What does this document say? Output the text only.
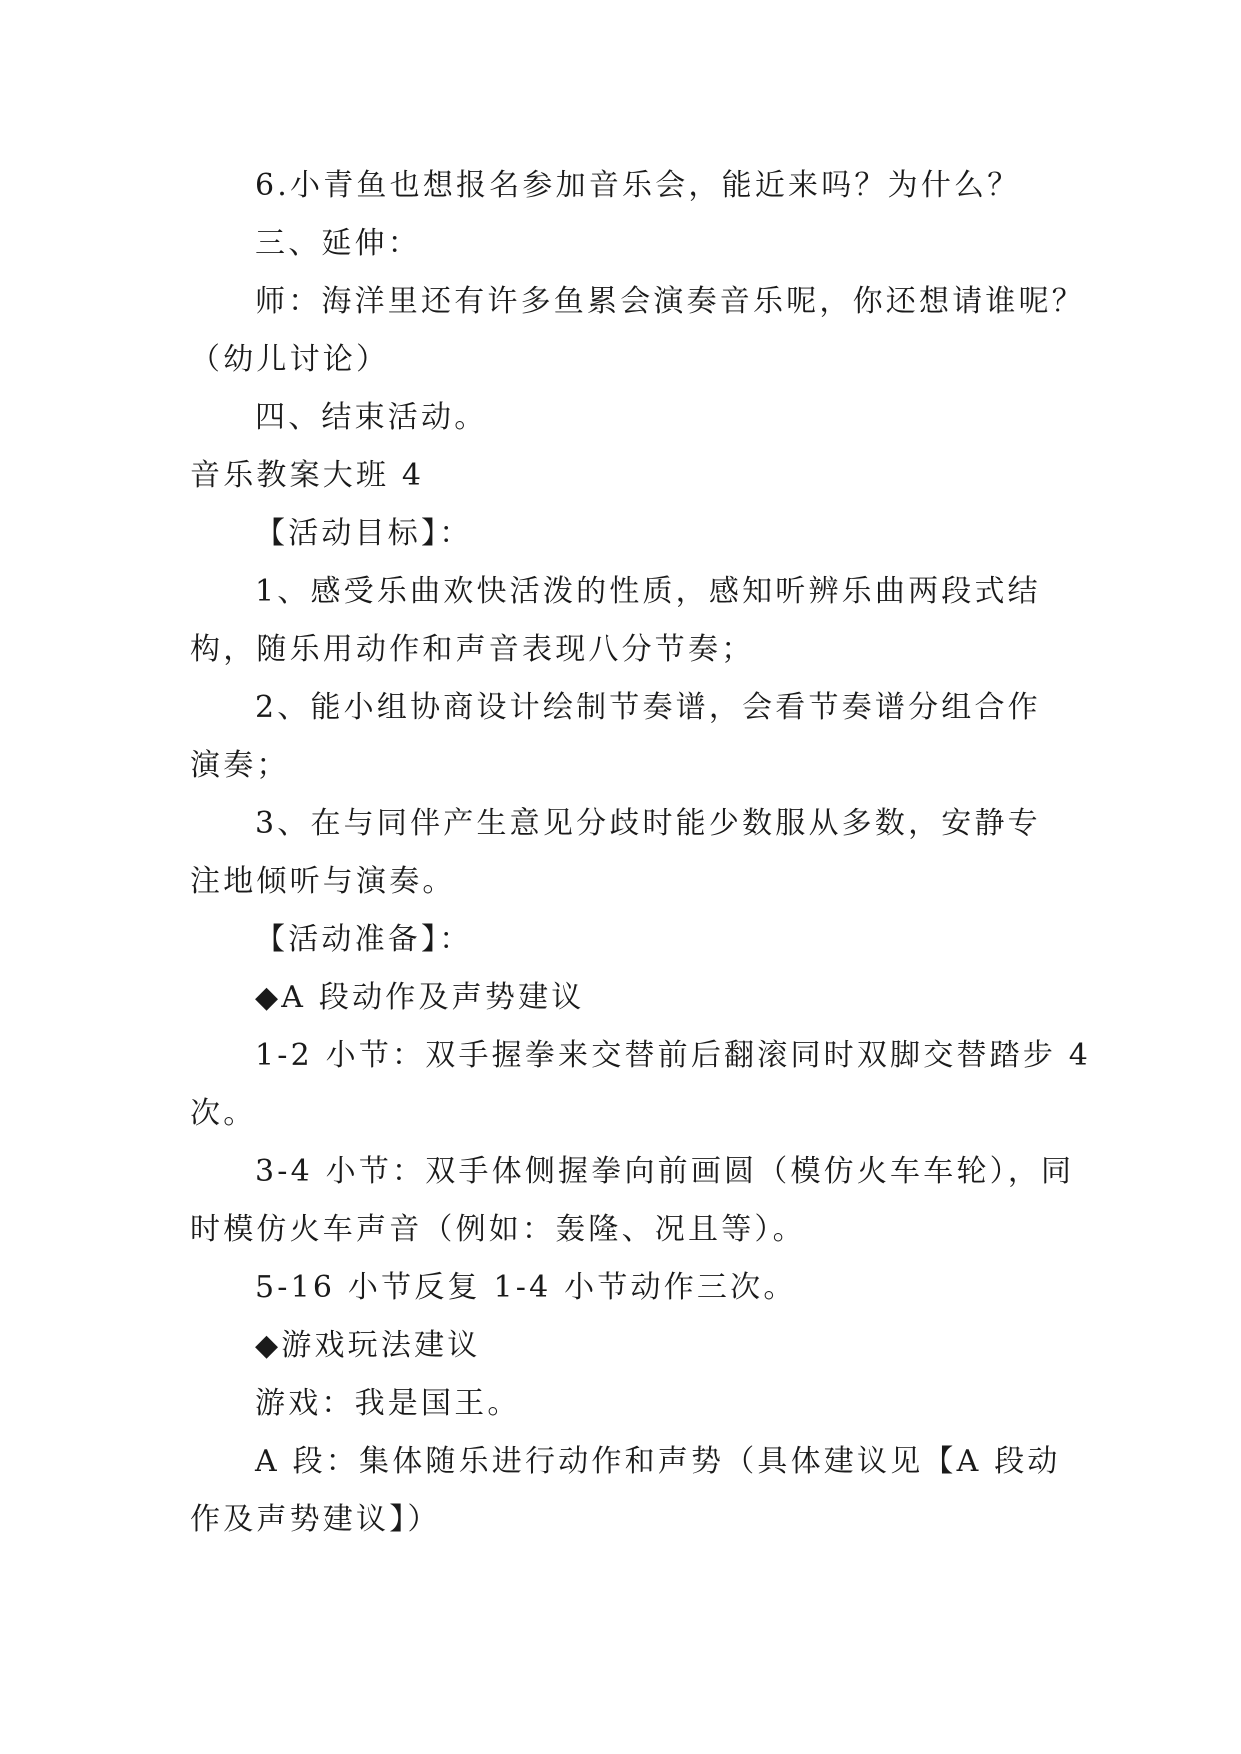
6.小青鱼也想报名参加音乐会，能近来吗？为什么？
三、延伸：
师：海洋里还有许多鱼累会演奏音乐呢，你还想请谁呢？
（幼儿讨论）
四、结束活动。
音乐教案大班 4
【活动目标】：
1、感受乐曲欢快活泼的性质，感知听辨乐曲两段式结
构，随乐用动作和声音表现八分节奏；
2、能小组协商设计绘制节奏谱，会看节奏谱分组合作
演奏；
3、在与同伴产生意见分歧时能少数服从多数，安静专
注地倾听与演奏。
【活动准备】：
◆A 段动作及声势建议
1-2 小节：双手握拳来交替前后翻滚同时双脚交替踏步 4
次。
3-4 小节：双手体侧握拳向前画圆（模仿火车车轮），同
时模仿火车声音（例如：轰隆、况且等）。
5-16 小节反复 1-4 小节动作三次。
◆游戏玩法建议
游戏：我是国王。
A 段：集体随乐进行动作和声势（具体建议见【A 段动
作及声势建议】）
